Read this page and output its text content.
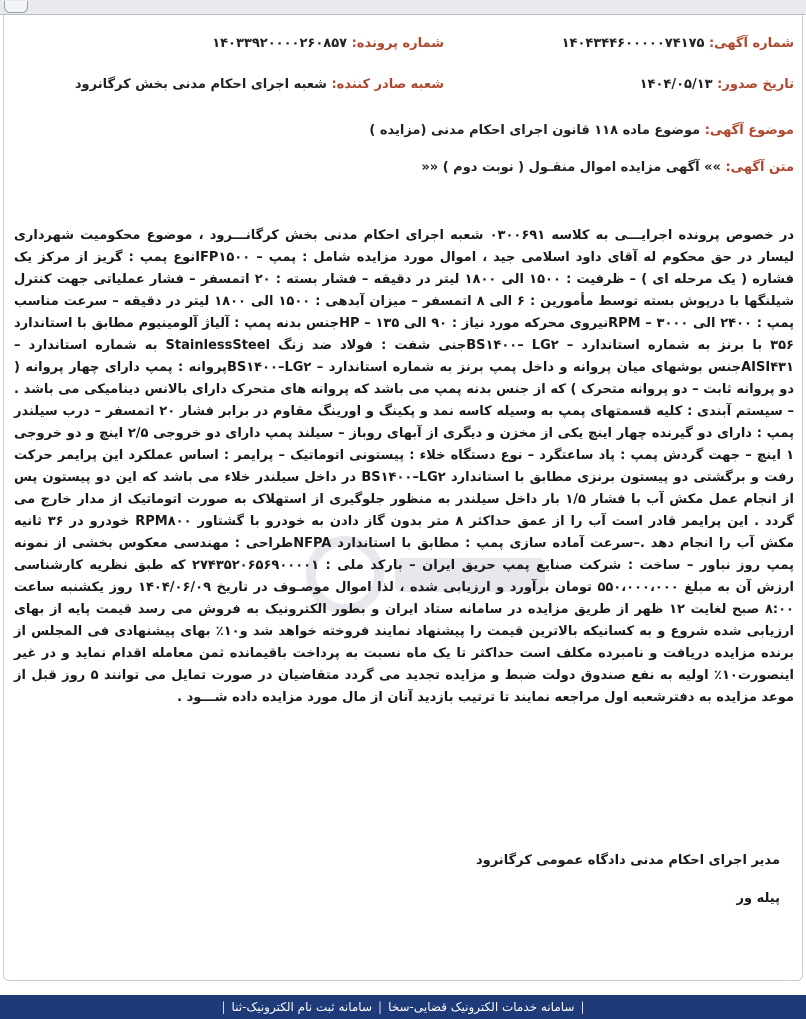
شماره آگهی: ۱۴۰۴۳۴۴۶۰۰۰۰۰۷۴۱۷۵
شماره پرونده: ۱۴۰۳۳۹۲۰۰۰۰۲۶۰۸۵۷
تاریخ صدور: ۱۴۰۴/۰۵/۱۳
شعبه صادر کننده: شعبه اجرای احکام مدنی بخش کرگانرود
موضوع آگهی: موضوع ماده ۱۱۸ قانون اجرای احکام مدنی (مزایده )
متن آگهی: »» آگهی مزایده اموال منقـول ( نوبت دوم ) ««

در خصوص پرونده اجرایـــی به کلاسه ۰۳۰۰۶۹۱ شعبه اجرای احکام مدنی بخش کرگانـــرود ، موضوع محکومیت شهرداری لیسار در حق محکوم له آقای داود اسلامی جید ، اموال مورد مزایده شامل : پمپ – IFP۱۵۰۰نوع پمپ : گریز از مرکز یک فشاره ( یک مرحله ای ) – ظرفیت : ۱۵۰۰ الی ۱۸۰۰ لیتر در دقیقه – فشار بسته : ۲۰ اتمسفر – فشار عملیاتی جهت کنترل شیلنگها با درپوش بسته توسط مأمورین : ۶ الی ۸ اتمسفر – میزان آبدهی : ۱۵۰۰ الی ۱۸۰۰ لیتر در دقیقه – سرعت مناسب پمپ : ۲۴۰۰ الی ۳۰۰۰ – RPMنیروی محرکه مورد نیاز : ۹۰ الی ۱۳۵ – HPجنس بدنه پمپ : آلیاژ آلومینیوم مطابق با استاندارد ۳۵۶ با برنز به شماره استاندارد – BS۱۴۰۰– LG۲جنی شفت : فولاد ضد زنگ StainlessSteel به شماره استاندارد – AISI۴۳۱جنس بوشهای میان پروانه و داخل پمپ برنز به شماره استاندارد – BS۱۴۰۰–LG۲پروانه : پمپ دارای چهار پروانه ( دو پروانه ثابت – دو پروانه متحرک ) که از جنس بدنه پمپ می باشد که پروانه های متحرک دارای بالانس دینامیکی می باشد . – سیستم آبندی : کلیه قسمتهای پمپ به وسیله کاسه نمد و پکینگ و اورینگ مقاوم در برابر فشار ۲۰ اتمسفر – درب سیلندر پمپ : دارای دو گیرنده چهار اینچ یکی از مخزن و دیگری از آبهای روباز – سیلند پمپ دارای دو خروجی ۲/۵ اینچ و دو خروجی ۱ اینچ – جهت گردش پمپ : پاد ساعتگرد – نوع دستگاه خلاء : پیستونی اتوماتیک – پرایمر : اساس عملکرد این پرایمر حرکت رفت و برگشتی دو پیستون برنزی مطابق با استاندارد BS۱۴۰۰–LG۲ در داخل سیلندر خلاء می باشد که این دو پیستون پس از انجام عمل مکش آب با فشار ۱/۵ بار داخل سیلندر به منظور جلوگیری از استهلاک به صورت اتوماتیک از مدار خارج می گردد . این پرایمر قادر است آب را از عمق حداکثر ۸ متر بدون گاز دادن به خودرو با گشتاور RPM۸۰۰ خودرو در ۳۶ ثانیه مکش آب را انجام دهد .–سرعت آماده سازی پمپ : مطابق با استاندارد NFPAطراحی : مهندسی معکوس بخشی از نمونه پمپ روز نباور – ساخت : شرکت صنایع پمپ حریق ایران – بارکد ملی : ۲۷۴۳۵۲۰۶۵۶۹۰۰۰۰۱ که طبق نظریه کارشناسی ارزش آن به مبلغ ۵۵۰،۰۰۰،۰۰۰ تومان برآورد و ارزیابی شده ، لذا اموال موصـوف در تاریخ ۱۴۰۴/۰۶/۰۹ روز یکشنبه ساعت ۸:۰۰ صبح لغایت ۱۲ ظهر از طریق مزایده در سامانه ستاد ایران و بطور الکترونیک به فروش می رسد قیمت پایه از بهای ارزیابی شده شروع و به کسانیکه بالاترین قیمت را پیشنهاد نمایند فروخته خواهد شد و۱۰٪ بهای پیشنهادی فی المجلس از برنده مزایده دریافت و نامبرده مکلف است حداکثر تا یک ماه نسبت به پرداخت باقیمانده ثمن معامله اقدام نماید و در غیر اینصورت۱۰٪ اولیه به نفع صندوق دولت ضبط و مزایده تجدید می گردد متقاضیان در صورت تمایل می توانند ۵ روز قبل از موعد مزایده به دفترشعبه اول مراجعه نمایند تا ترتیب بازدید آنان از مال مورد مزایده داده شـــود .

مدیر اجرای احکام مدنی دادگاه عمومی کرگانرود
پیله ور
|
سامانه خدمات الکترونیک قضایی-سخا
|
سامانه ثبت نام الکترونیک-ثنا
|
